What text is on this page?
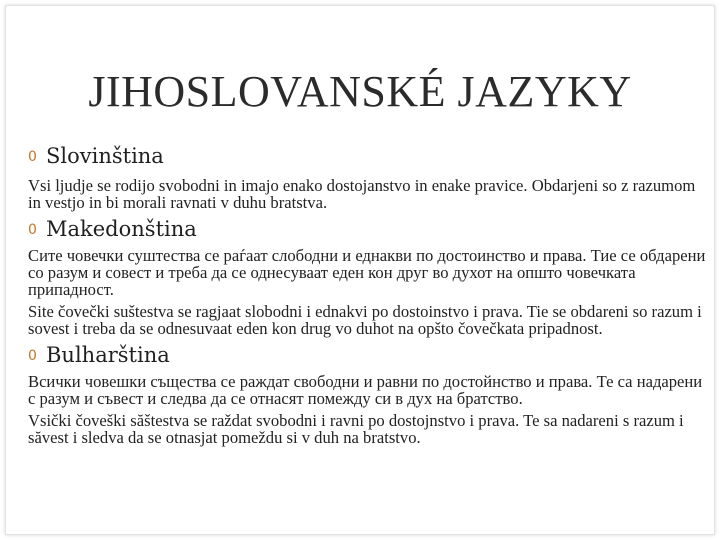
JIHOSLOVANSKÉ JAZYKY
0 Slovinština

Vsi ljudje se rodijo svobodni in imajo enako dostojanstvo in enake pravice. Obdarjeni so z razumom in vestjo in bi morali ravnati v duhu bratstva.

0 Makedonština

Сите човечки суштества се раѓаат слободни и еднакви по достоинство и права. Тие се обдарени со разум и совест и треба да се однесуваат еден кон друг во духот на општо човечката припадност.

Site čovečki suštestva se ragjaat slobodni i ednakvi po dostoinstvo i prava. Tie se obdareni so razum i sovest i treba da se odnesuvaat eden kon drug vo duhot na opšto čovečkata pripadnost.

0 Bulharština

Всички човешки същества се раждат свободни и равни по достойнство и права. Те са надарени с разум и съвест и следва да се отнасят помежду си в дух на братство.

Vsički čoveški săštestva se raždat svobodni i ravni po dostojnstvo i prava. Te sa nadareni s razum i săvest i sledva da se otnasjat pomeždu si v duh na bratstvo.
